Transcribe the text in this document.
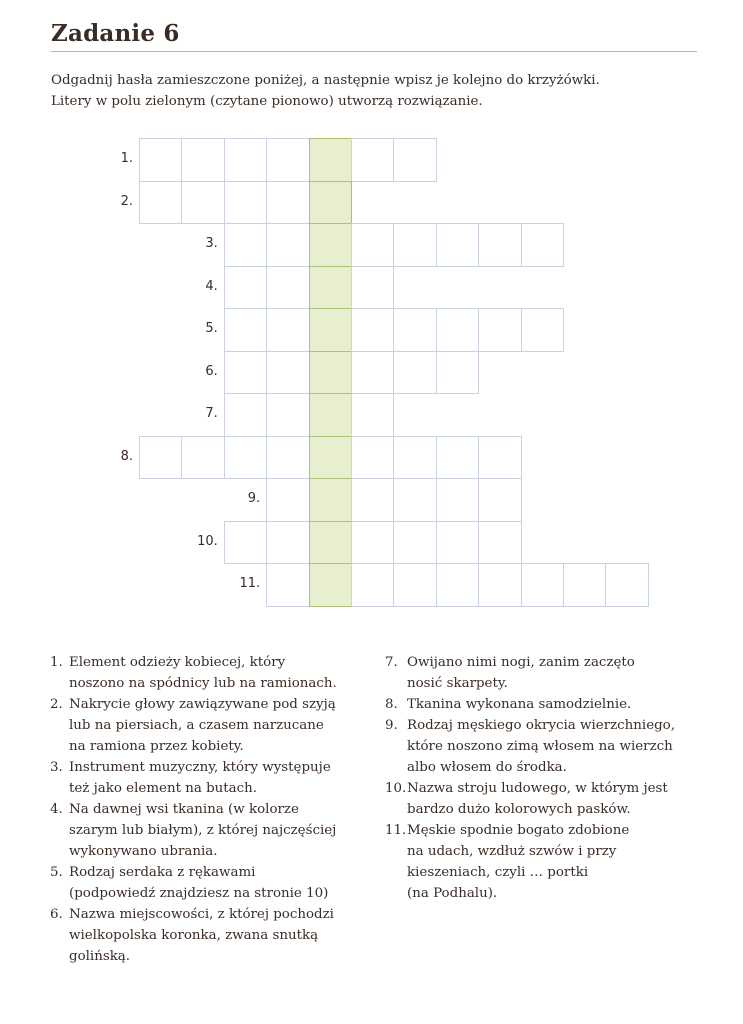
Zadanie 6

Odgadnij hasła zamieszczone poniżej, a następnie wpisz je kolejno do krzyżówki.

Litery w polu zielonym (czytane pionowo) utworzą rozwiązanie.

1.
2.
3.
4.
5.
6.
7.
8.
9.
10.
11.
1. Element odzieży kobiecej, który
noszono na spódnicy lub na ramionach.
2. Nakrycie głowy zawiązywane pod szyją
lub na piersiach, a czasem narzucane
na ramiona przez kobiety.
3. Instrument muzyczny, który występuje
też jako element na butach.
4. Na dawnej wsi tkanina (w kolorze
szarym lub białym), z której najczęściej
wykonywano ubrania.
5. Rodzaj serdaka z rękawami
(podpowiedź znajdziesz na stronie 10)
6. Nazwa miejscowości, z której pochodzi
wielkopolska koronka, zwana snutką
golińską.
7. Owijano nimi nogi, zanim zaczęto
nosić skarpety.
8. Tkanina wykonana samodzielnie.
9. Rodzaj męskiego okrycia wierzchniego,
które noszono zimą włosem na wierzch
albo włosem do środka.
10. Nazwa stroju ludowego, w którym jest
bardzo dużo kolorowych pasków.
11. Męskie spodnie bogato zdobione
na udach, wzdłuż szwów i przy
kieszeniach, czyli … portki
(na Podhalu).
